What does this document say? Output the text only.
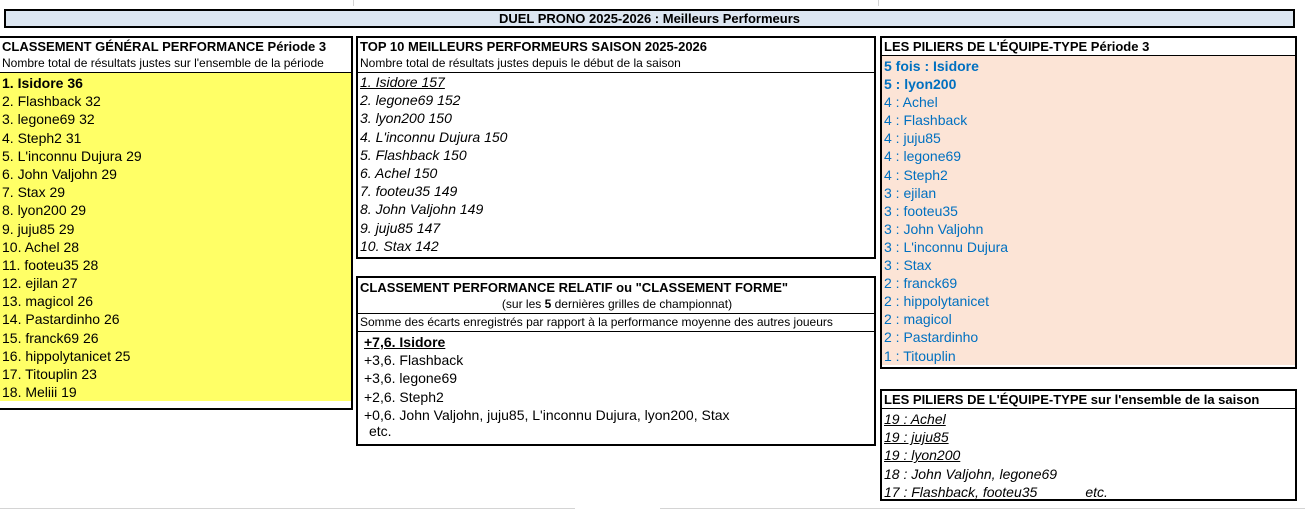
DUEL PRONO 2025-2026 : Meilleurs Performeurs
CLASSEMENT GÉNÉRAL PERFORMANCE Période 3
Nombre total de résultats justes sur l'ensemble de la période
1. Isidore 36
2. Flashback 32
3. legone69 32
4. Steph2 31
5. L'inconnu Dujura 29
6. John Valjohn 29
7. Stax 29
8. lyon200 29
9. juju85 29
10. Achel 28
11. footeu35 28
12. ejilan 27
13. magicol 26
14. Pastardinho 26
15. franck69 26
16. hippolytanicet 25
17. Titouplin 23
18. Meliii 19
TOP 10 MEILLEURS PERFORMEURS SAISON 2025-2026
Nombre total de résultats justes depuis le début de la saison
1. Isidore 157
2. legone69 152
3. lyon200 150
4. L'inconnu Dujura 150
5. Flashback 150
6. Achel 150
7. footeu35 149
8. John Valjohn 149
9. juju85 147
10. Stax 142
CLASSEMENT PERFORMANCE RELATIF ou "CLASSEMENT FORME"
(sur les 5 dernières grilles de championnat)
Somme des écarts enregistrés par rapport à la performance moyenne des autres joueurs
+7,6. Isidore
+3,6. Flashback
+3,6. legone69
+2,6. Steph2
+0,6. John Valjohn, juju85, L'inconnu Dujura, lyon200, Stax
etc.
LES PILIERS DE L'ÉQUIPE-TYPE Période 3
5 fois : Isidore
5 : lyon200
4 : Achel
4 : Flashback
4 : juju85
4 : legone69
4 : Steph2
3 : ejilan
3 : footeu35
3 : John Valjohn
3 : L'inconnu Dujura
3 : Stax
2 : franck69
2 : hippolytanicet
2 : magicol
2 : Pastardinho
1 : Titouplin
LES PILIERS DE L'ÉQUIPE-TYPE sur l'ensemble de la saison
19 : Achel
19 : juju85
19 : lyon200
18 : John Valjohn, legone69
17 : Flashback, footeu35	etc.
